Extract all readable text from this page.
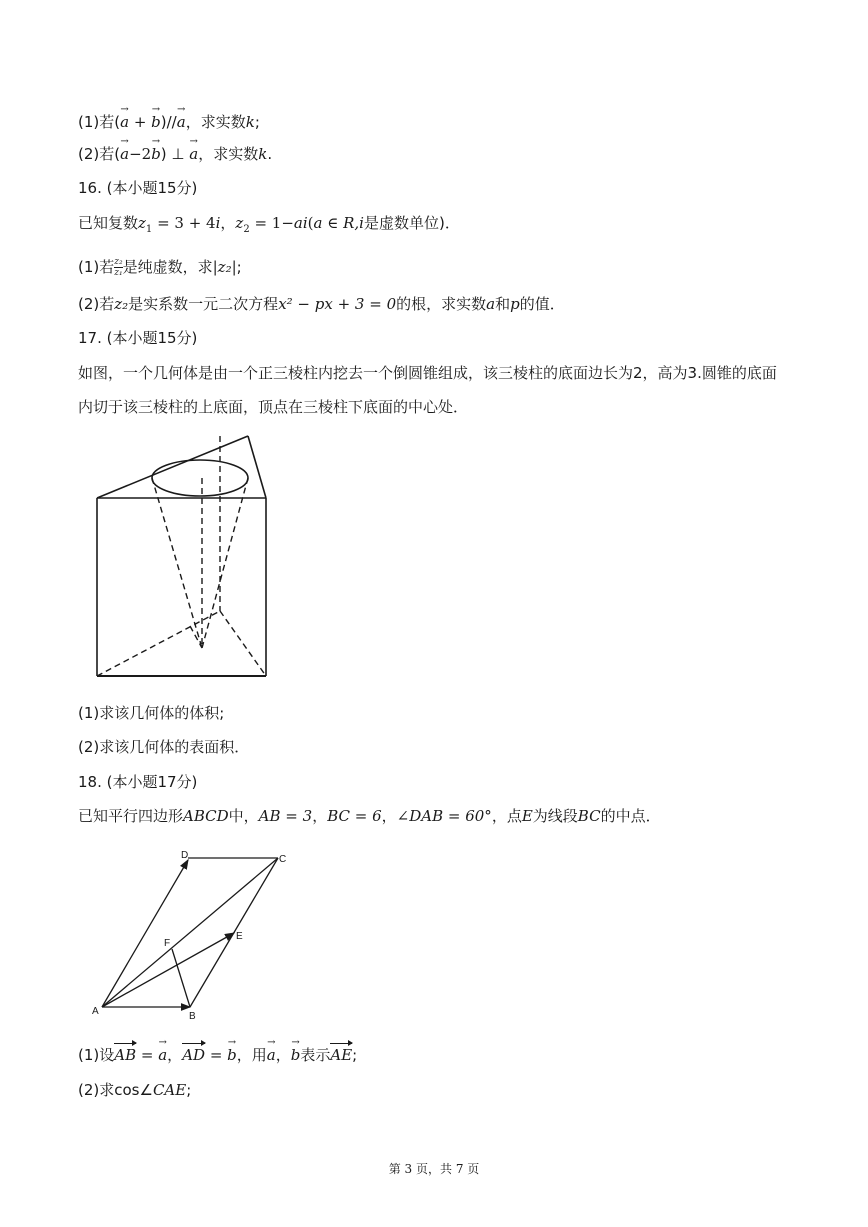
(1)若(→ a + → b)//→ a，求实数k;
(2)若(→ a−2→ b) ⊥ → a，求实数k.
16. (本小题15分)
已知复数$z_1 = 3 + 4i$，$z_2 = 1-ai(a$ ∈ R,i是虚数单位)．
(1)若 $\frac{\text{z₂}}{\text{z₁}}$ 是纯虚数，求|z₂|;
(2)若z₂是实系数一元二次方程x² − px + 3 = 0的根，求实数a和p的值．
17. (本小题15分)
如图，一个几何体是由一个正三棱柱内挖去一个倒圆锥组成，该三棱柱的底面边长为2，高为3.圆锥的底面
内切于该三棱柱的上底面，顶点在三棱柱下底面的中心处．
(1)求该几何体的体积;
(2)求该几何体的表面积．
18. (本小题17分)
已知平行四边形ABCD中，AB = 3，BC = 6，∠DAB = 60°，点E为线段BC的中点．
A	B
C
D
E
F
(1)设AB = → a，AD = → b，用→ a，→ b表示AE;
(2)求cos∠CAE;
第 3 页，共 7 页
